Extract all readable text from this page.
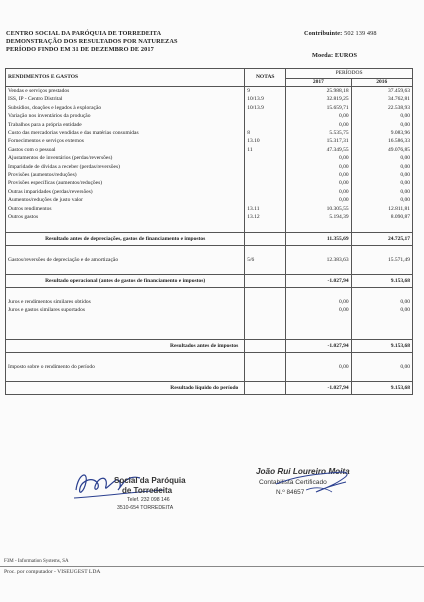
CENTRO SOCIAL DA PARÓQUIA DE TORREDEITA
DEMONSTRAÇÃO DOS RESULTADOS POR NATUREZAS
PERÍODO FINDO EM 31 DE DEZEMBRO DE 2017
Contribuinte: 502 139 498
Moeda: EUROS
RENDIMENTOS E GASTOS	NOTAS	PERÍODOS	
		2017	2016
Vendas e serviços prestados	9	25.988,18	37.459,63
ISS, IP - Centro Distrital	10/13.9	32.819,25	34.762,81
Subsídios, doações e legados à exploração	10/13.9	15.659,71	22.538,93
Variação nos inventários da produção		0,00	0,00
Trabalhos para a própria entidade		0,00	0,00
Custo das mercadorias vendidas e das matérias consumidas	8	5.535,75	9.083,96
Fornecimentos e serviços externos	13.10	15.317,31	16.586,33
Gastos com o pessoal	11	47.349,55	49.076,85
Ajustamentos de inventários (perdas/reversões)		0,00	0,00
Imparidade de dívidas a receber (perdas/reversões)		0,00	0,00
Provisões (aumentos/reduções)		0,00	0,00
Provisões específicas (aumentos/reduções)		0,00	0,00
Outras imparidades (perdas/reversões)		0,00	0,00
Aumentos/reduções de justo valor		0,00	0,00
Outros rendimentos	13.11	10.305,55	12.811,81
Outros gastos	13.12	5.194,39	8.090,87

Resultado antes de depreciações, gastos de financiamento e impostos		11.355,69	24.725,17

Gastos/reversões de depreciação e de amortização	5/6	12.383,63	15.571,49

Resultado operacional (antes de gastos de financiamento e impostos)		-1.027,94	9.153,68

Juros e rendimentos similares obtidos		0,00	0,00
Juros e gastos similares suportados		0,00	0,00

Resultados antes de impostos		-1.027,94	9.153,68

Imposto sobre o rendimento do período		0,00	0,00

Resultado líquido do período		-1.027,94	9.153,68
Social da Paróquia
de Torredeita
Telef. 232 098 146
3510-654 TORREDEITA
João Rui Loureiro Moita
Contabilista Certificado
N.º 84657
F3M - Information Systems, SA
Proc. por computador - VISEUGEST LDA
